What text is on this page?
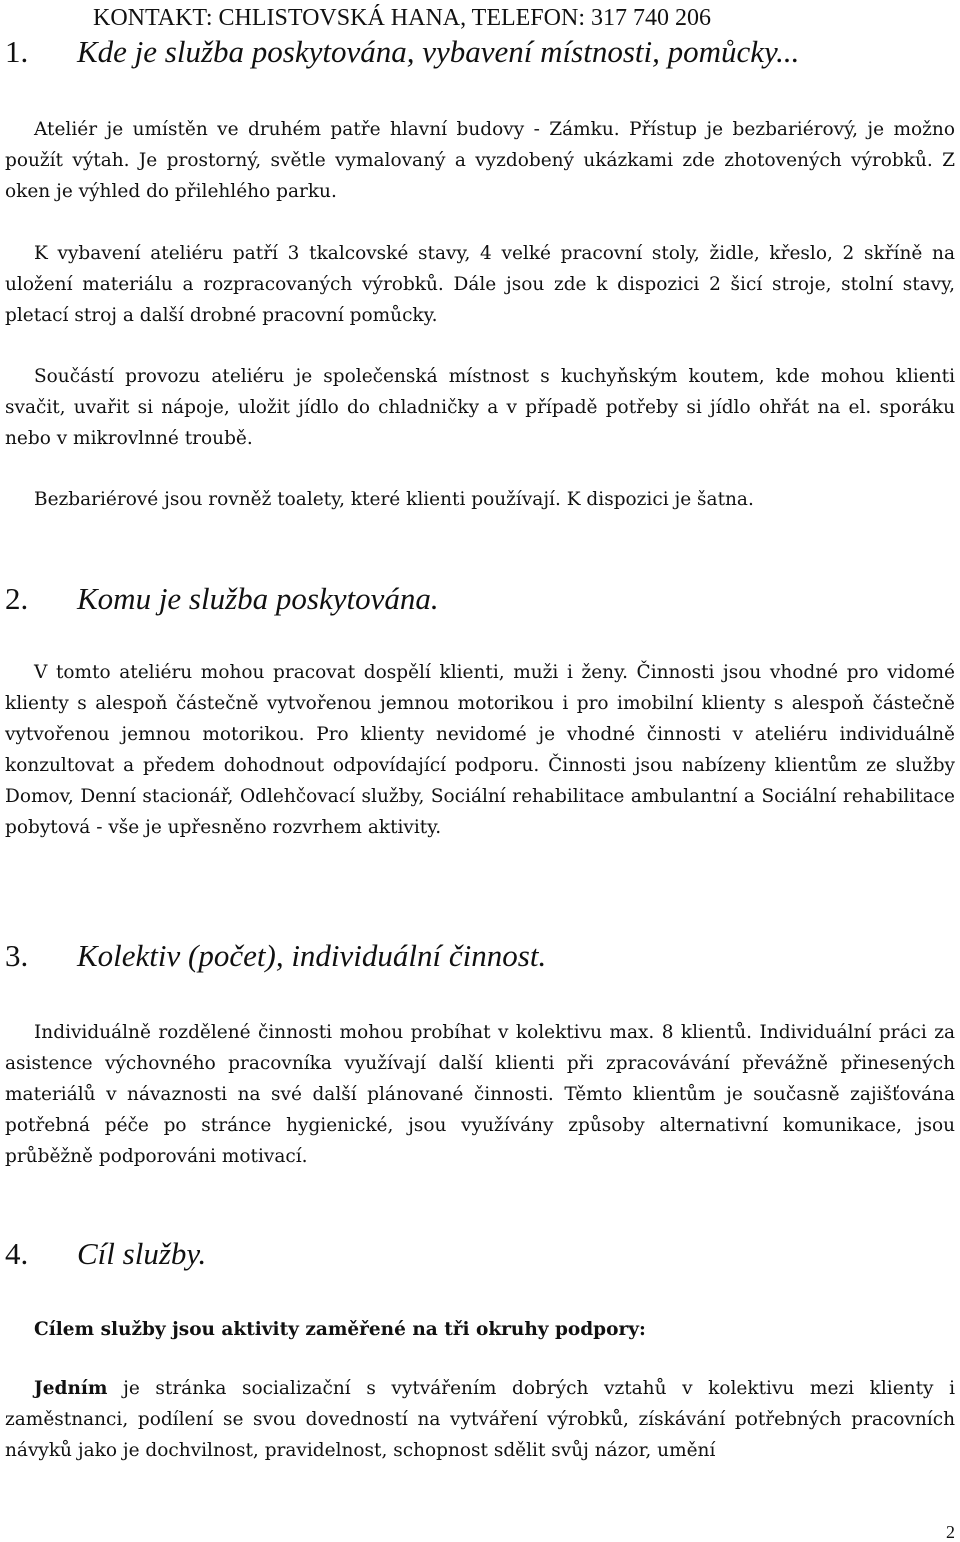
KONTAKT: CHLISTOVSKÁ HANA, TELEFON: 317 740 206

1. Kde je služba poskytována, vybavení místnosti, pomůcky...

Ateliér je umístěn ve druhém patře hlavní budovy - Zámku. Přístup je bezbariérový, je možno použít výtah. Je prostorný, světle vymalovaný a vyzdobený ukázkami zde zhotovených výrobků. Z oken je výhled do přilehlého parku.

K vybavení ateliéru patří 3 tkalcovské stavy, 4 velké pracovní stoly, židle, křeslo, 2 skříně na uložení materiálu a rozpracovaných výrobků. Dále jsou zde k dispozici 2 šicí stroje, stolní stavy, pletací stroj a další drobné pracovní pomůcky.

Součástí provozu ateliéru je společenská místnost s kuchyňským koutem, kde mohou klienti svačit, uvařit si nápoje, uložit jídlo do chladničky a v případě potřeby si jídlo ohřát na el. sporáku nebo v mikrovlnné troubě.

Bezbariérové jsou rovněž toalety, které klienti používají. K dispozici je šatna.

2. Komu je služba poskytována.

V tomto ateliéru mohou pracovat dospělí klienti, muži i ženy. Činnosti jsou vhodné pro vidomé klienty s alespoň částečně vytvořenou jemnou motorikou i pro imobilní klienty s alespoň částečně vytvořenou jemnou motorikou. Pro klienty nevidomé je vhodné činnosti v ateliéru individuálně konzultovat a předem dohodnout odpovídající podporu. Činnosti jsou nabízeny klientům ze služby Domov, Denní stacionář, Odlehčovací služby, Sociální rehabilitace ambulantní a Sociální rehabilitace pobytová - vše je upřesněno rozvrhem aktivity.

3. Kolektiv (počet), individuální činnost.

Individuálně rozdělené činnosti mohou probíhat v kolektivu max. 8 klientů. Individuální práci za asistence výchovného pracovníka využívají další klienti při zpracovávání převážně přinesených materiálů v návaznosti na své další plánované činnosti. Těmto klientům je současně zajišťována potřebná péče po stránce hygienické, jsou využívány způsoby alternativní komunikace, jsou průběžně podporováni motivací.

4. Cíl služby.

Cílem služby jsou aktivity zaměřené na tři okruhy podpory:

Jedním je stránka socializační s vytvářením dobrých vztahů v kolektivu mezi klienty i zaměstnanci, podílení se svou dovedností na vytváření výrobků, získávání potřebných pracovních návyků jako je dochvilnost, pravidelnost, schopnost sdělit svůj názor, umění

2
